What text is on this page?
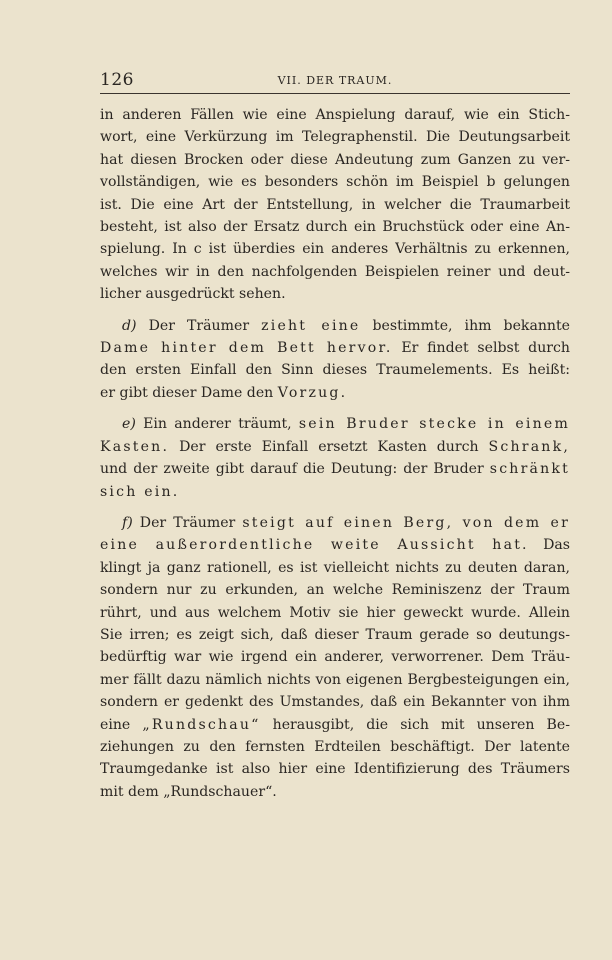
126	VII. DER TRAUM.
in anderen Fällen wie eine Anspielung darauf, wie ein Stich-
wort, eine Verkürzung im Telegraphenstil. Die Deutungsarbeit
hat diesen Brocken oder diese Andeutung zum Ganzen zu ver-
vollständigen, wie es besonders schön im Beispiel b gelungen
ist. Die eine Art der Entstellung, in welcher die Traumarbeit
besteht, ist also der Ersatz durch ein Bruchstück oder eine An-
spielung. In c ist überdies ein anderes Verhältnis zu erkennen,
welches wir in den nachfolgenden Beispielen reiner und deut-
licher ausgedrückt sehen.
d) Der Träumer zieht eine bestimmte, ihm bekannte
Dame hinter dem Bett hervor. Er findet selbst durch
den ersten Einfall den Sinn dieses Traumelements. Es heißt:
er gibt dieser Dame den Vorzug.
e) Ein anderer träumt, sein Bruder stecke in einem
Kasten. Der erste Einfall ersetzt Kasten durch Schrank,
und der zweite gibt darauf die Deutung: der Bruder schränkt
sich ein.
f) Der Träumer steigt auf einen Berg, von dem er
eine außerordentliche weite Aussicht hat. Das
klingt ja ganz rationell, es ist vielleicht nichts zu deuten daran,
sondern nur zu erkunden, an welche Reminiszenz der Traum
rührt, und aus welchem Motiv sie hier geweckt wurde. Allein
Sie irren; es zeigt sich, daß dieser Traum gerade so deutungs-
bedürftig war wie irgend ein anderer, verworrener. Dem Träu-
mer fällt dazu nämlich nichts von eigenen Bergbesteigungen ein,
sondern er gedenkt des Umstandes, daß ein Bekannter von ihm
eine „Rundschau“ herausgibt, die sich mit unseren Be-
ziehungen zu den fernsten Erdteilen beschäftigt. Der latente
Traumgedanke ist also hier eine Identifizierung des Träumers
mit dem „Rundschauer“.
